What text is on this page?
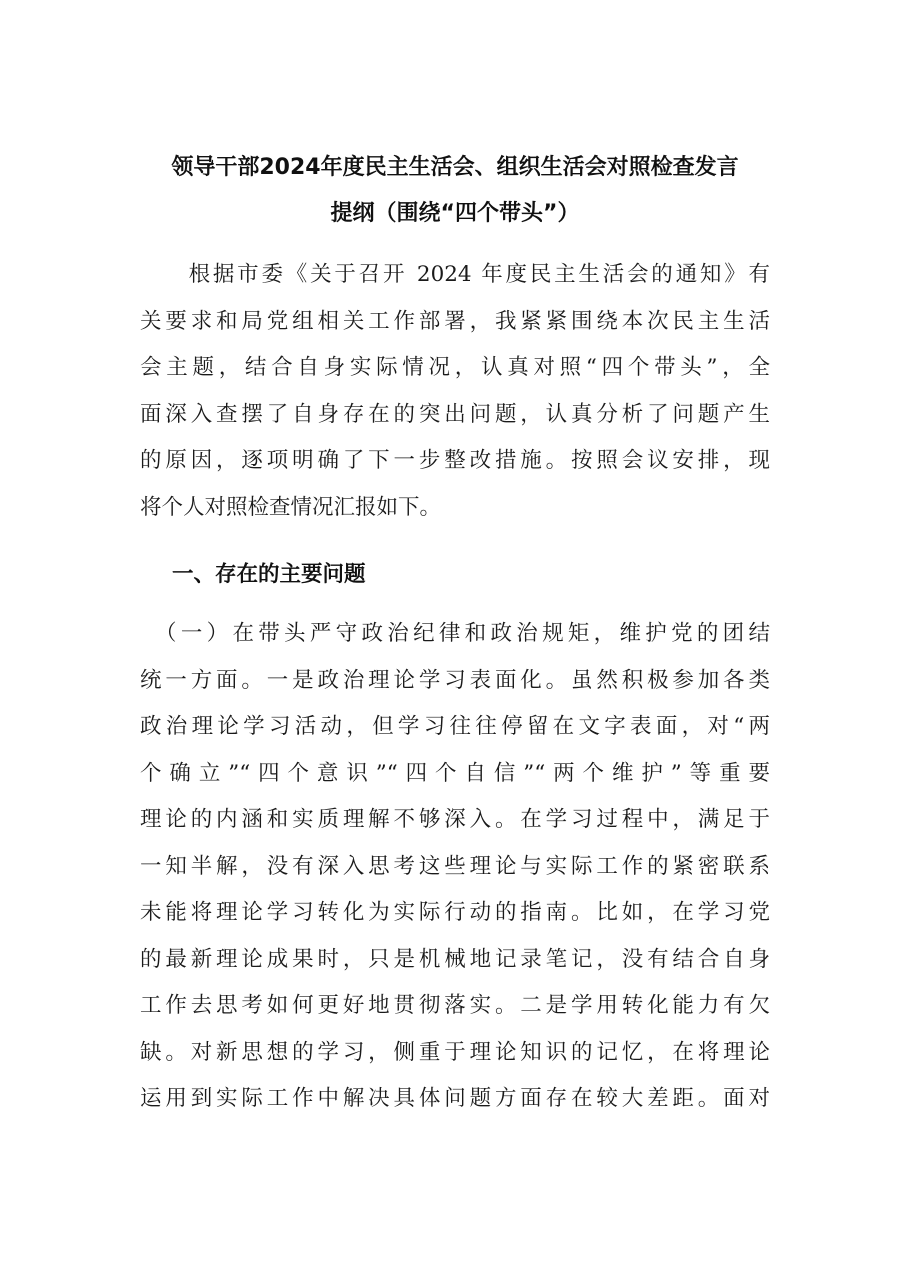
领导干部2024年度民主生活会、组织生活会对照检查发言
提纲（围绕“四个带头”）
　　根据市委《关于召开 2024 年度民主生活会的通知》有
关要求和局党组相关工作部署，我紧紧围绕本次民主生活
会主题，结合自身实际情况，认真对照“四个带头”，全
面深入查摆了自身存在的突出问题，认真分析了问题产生
的原因，逐项明确了下一步整改措施。按照会议安排，现
将个人对照检查情况汇报如下。
一、存在的主要问题
　（一）在带头严守政治纪律和政治规矩，维护党的团结
统一方面。一是政治理论学习表面化。虽然积极参加各类
政治理论学习活动，但学习往往停留在文字表面，对“两
个确立”“四个意识”“四个自信”“两个维护”等重要
理论的内涵和实质理解不够深入。在学习过程中，满足于
一知半解，没有深入思考这些理论与实际工作的紧密联系
未能将理论学习转化为实际行动的指南。比如，在学习党
的最新理论成果时，只是机械地记录笔记，没有结合自身
工作去思考如何更好地贯彻落实。二是学用转化能力有欠
缺。对新思想的学习，侧重于理论知识的记忆，在将理论
运用到实际工作中解决具体问题方面存在较大差距。面对
